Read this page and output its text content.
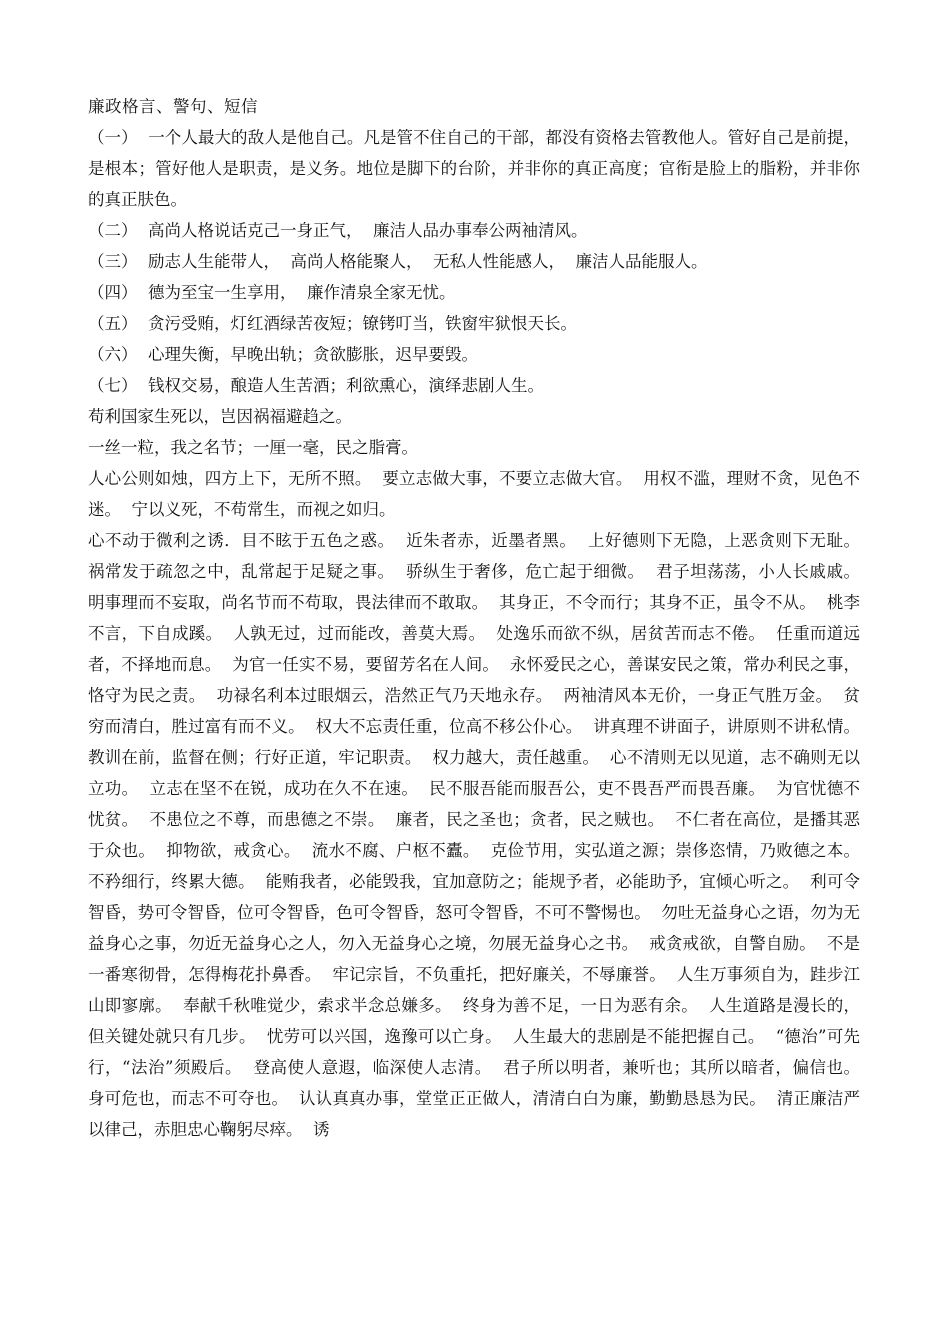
廉政格言、警句、短信

（一）  一个人最大的敌人是他自己。凡是管不住自己的干部，都没有资格去管教他人。管好自己是前提，是根本；管好他人是职责，是义务。地位是脚下的台阶，并非你的真正高度；官衔是脸上的脂粉，并非你的真正肤色。

（二）  高尚人格说话克己一身正气，  廉洁人品办事奉公两袖清风。

（三）  励志人生能带人，  高尚人格能聚人，  无私人性能感人，  廉洁人品能服人。

（四）  德为至宝一生享用，  廉作清泉全家无忧。

（五）  贪污受贿，灯红酒绿苦夜短；镣铐叮当，铁窗牢狱恨天长。

（六）  心理失衡，早晚出轨；贪欲膨胀，迟早要毁。

（七）  钱权交易，酿造人生苦酒；利欲熏心，演绎悲剧人生。

苟利国家生死以，岂因祸福避趋之。

一丝一粒，我之名节；一厘一毫，民之脂膏。

人心公则如烛，四方上下，无所不照。  要立志做大事，不要立志做大官。  用权不滥，理财不贪，见色不迷。  宁以义死，不苟常生，而视之如归。

心不动于微利之诱．目不眩于五色之惑。  近朱者赤，近墨者黑。  上好德则下无隐，上恶贪则下无耻。  祸常发于疏忽之中，乱常起于足疑之事。  骄纵生于奢侈，危亡起于细微。  君子坦荡荡，小人长戚戚。  明事理而不妄取，尚名节而不苟取，畏法律而不敢取。  其身正，不令而行；其身不正，虽令不从。  桃李不言，下自成蹊。  人孰无过，过而能改，善莫大焉。  处逸乐而欲不纵，居贫苦而志不倦。  任重而道远者，不择地而息。  为官一任实不易，要留芳名在人间。  永怀爱民之心，善谋安民之策，常办利民之事，恪守为民之责。  功禄名利本过眼烟云，浩然正气乃天地永存。  两袖清风本无价，一身正气胜万金。  贫穷而清白，胜过富有而不义。  权大不忘责任重，位高不移公仆心。  讲真理不讲面子，讲原则不讲私情。  教训在前，监督在侧；行好正道，牢记职责。  权力越大，责任越重。  心不清则无以见道，志不确则无以立功。  立志在坚不在锐，成功在久不在速。  民不服吾能而服吾公，吏不畏吾严而畏吾廉。  为官忧德不忧贫。  不患位之不尊，而患德之不崇。  廉者，民之圣也；贪者，民之贼也。  不仁者在高位，是播其恶于众也。  抑物欲，戒贪心。  流水不腐、户枢不蠹。  克俭节用，实弘道之源；崇侈恣情，乃败德之本。  不矜细行，终累大德。  能贿我者，必能毁我，宜加意防之；能规予者，必能助予，宜倾心听之。  利可令智昏，势可令智昏，位可令智昏，色可令智昏，怒可令智昏，不可不警惕也。  勿吐无益身心之语，勿为无益身心之事，勿近无益身心之人，勿入无益身心之境，勿展无益身心之书。  戒贪戒欲，自警自励。  不是一番寒彻骨，怎得梅花扑鼻香。  牢记宗旨，不负重托，把好廉关，不辱廉誉。  人生万事须自为，跬步江山即寥廓。  奉献千秋唯觉少，索求半念总嫌多。  终身为善不足，一日为恶有余。  人生道路是漫长的，但关键处就只有几步。  忧劳可以兴国，逸豫可以亡身。  人生最大的悲剧是不能把握自己。  “德治”可先行，“法治”须殿后。  登高使人意遐，临深使人志清。  君子所以明者，兼听也；其所以暗者，偏信也。  身可危也，而志不可夺也。  认认真真办事，堂堂正正做人，清清白白为廉，勤勤恳恳为民。  清正廉洁严以律己，赤胆忠心鞠躬尽瘁。  诱
